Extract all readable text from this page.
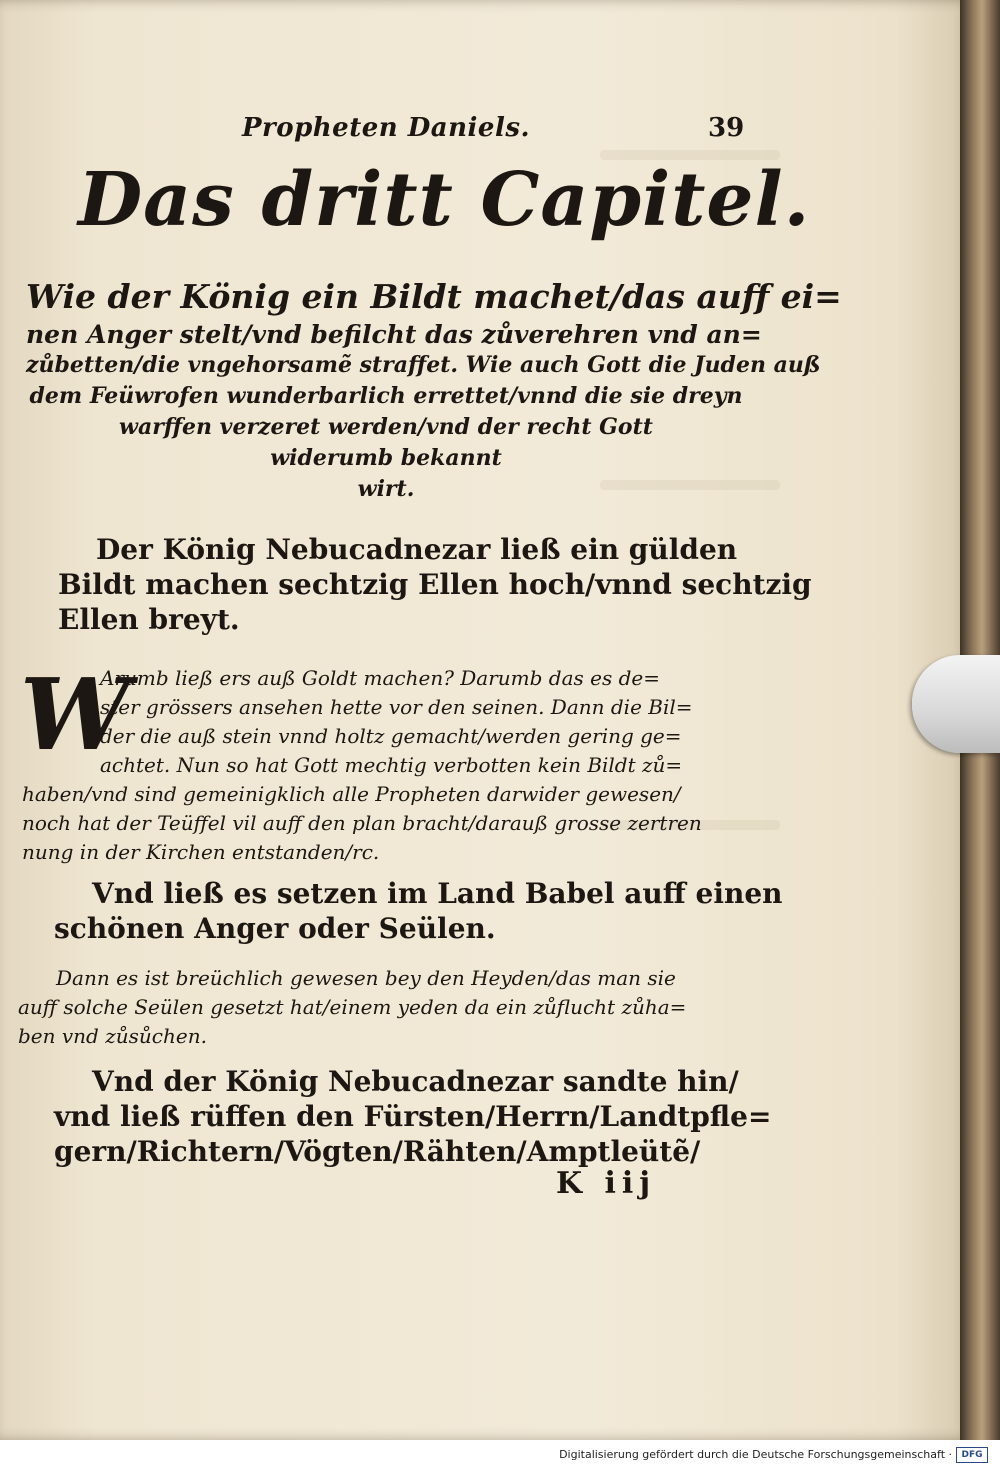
Propheten Daniels.	39
Das dritt Capitel.
Wie der König ein Bildt machet/das auff ei=
nen Anger stelt/vnd befilcht das zůverehren vnd an=
zůbetten/die vngehorsamẽ straffet. Wie auch Gott die Juden auß
dem Feüwrofen wunderbarlich errettet/vnnd die sie dreyn
warffen verzeret werden/vnd der recht Gott
widerumb bekannt
wirt.
Der König Nebucadnezar ließ ein gülden
Bildt machen sechtzig Ellen hoch/vnnd sechtzig
Ellen breyt.
W
Arumb ließ ers auß Goldt machen? Darumb das es de=
ster grössers ansehen hette vor den seinen. Dann die Bil=
der die auß stein vnnd holtz gemacht/werden gering ge=
achtet. Nun so hat Gott mechtig verbotten kein Bildt zů=
haben/vnd sind gemeinigklich alle Propheten darwider gewesen/
noch hat der Teüffel vil auff den plan bracht/darauß grosse zertren
nung in der Kirchen entstanden/rc.
Vnd ließ es setzen im Land Babel auff einen
schönen Anger oder Seülen.
Dann es ist breüchlich gewesen bey den Heyden/das man sie
auff solche Seülen gesetzt hat/einem yeden da ein zůflucht zůha=
ben vnd zůsůchen.
Vnd der König Nebucadnezar sandte hin/
vnd ließ rüffen den Fürsten/Herrn/Landtpfle=
gern/Richtern/Vögten/Rähten/Amptleütẽ/
K iij
Digitalisierung gefördert durch die Deutsche Forschungsgemeinschaft ·	DFG
